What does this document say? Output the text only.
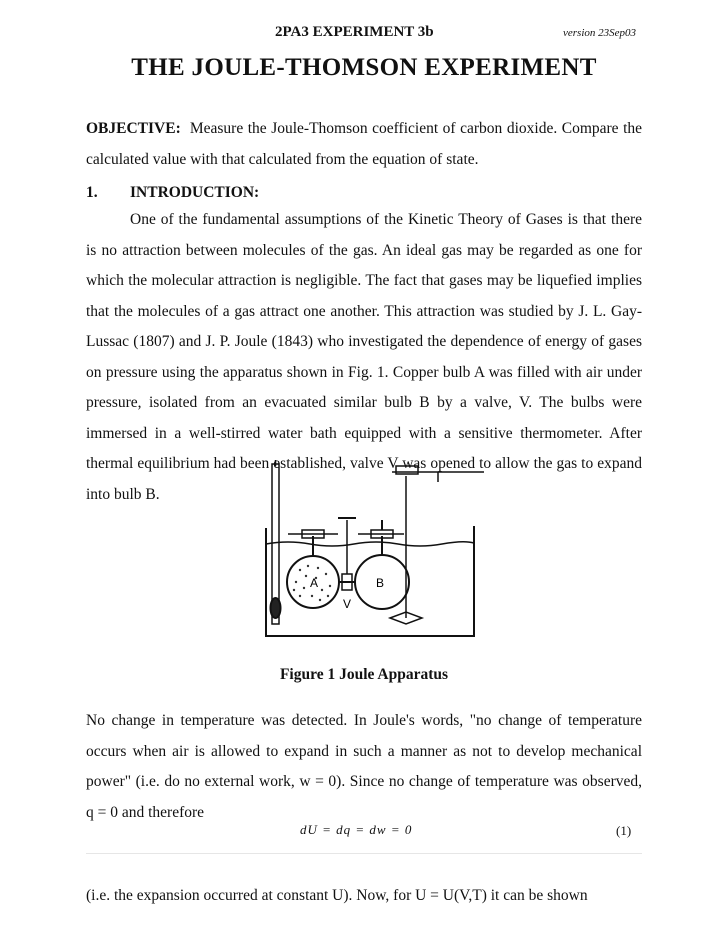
2PA3 EXPERIMENT 3b	version 23Sep03
THE JOULE-THOMSON EXPERIMENT
OBJECTIVE: Measure the Joule-Thomson coefficient of carbon dioxide. Compare the calculated value with that calculated from the equation of state.
1. INTRODUCTION:
One of the fundamental assumptions of the Kinetic Theory of Gases is that there is no attraction between molecules of the gas. An ideal gas may be regarded as one for which the molecular attraction is negligible. The fact that gases may be liquefied implies that the molecules of a gas attract one another. This attraction was studied by J. L. Gay-Lussac (1807) and J. P. Joule (1843) who investigated the dependence of energy of gases on pressure using the apparatus shown in Fig. 1. Copper bulb A was filled with air under pressure, isolated from an evacuated similar bulb B by a valve, V. The bulbs were immersed in a well-stirred water bath equipped with a sensitive thermometer. After thermal equilibrium had been established, valve V was opened to allow the gas to expand into bulb B.
A	B
V
Figure 1 Joule Apparatus
No change in temperature was detected. In Joule's words, "no change of temperature occurs when air is allowed to expand in such a manner as not to develop mechanical power" (i.e. do no external work, w = 0). Since no change of temperature was observed, q = 0 and therefore
dU = dq = dw = 0	(1)
(i.e. the expansion occurred at constant U). Now, for U = U(V,T) it can be shown
